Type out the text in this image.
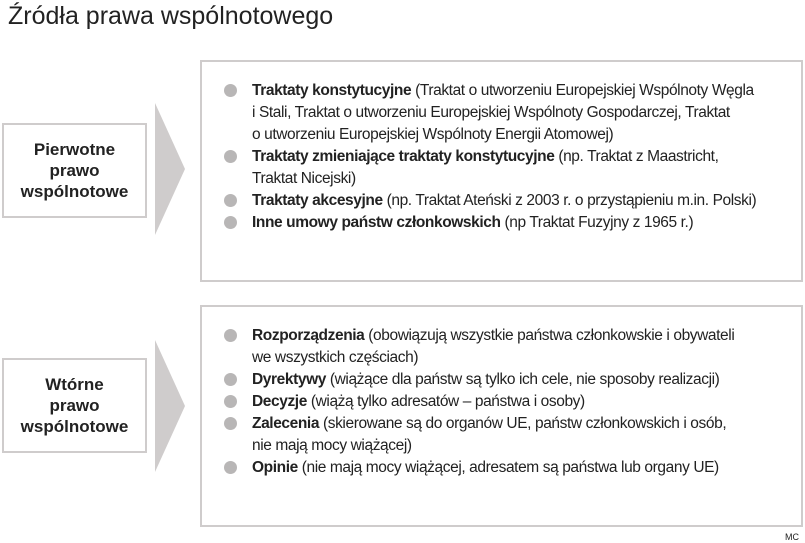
Źródła prawa wspólnotowego
Pierwotne
prawo
wspólnotowe
Traktaty konstytucyjne (Traktat o utworzeniu Europejskiej Wspólnoty Węgla
i Stali, Traktat o utworzeniu Europejskiej Wspólnoty Gospodarczej, Traktat
o utworzeniu Europejskiej Wspólnoty Energii Atomowej)
Traktaty zmieniające traktaty konstytucyjne (np. Traktat z Maastricht,
Traktat Nicejski)
Traktaty akcesyjne (np. Traktat Ateński z 2003 r. o przystąpieniu m.in. Polski)
Inne umowy państw członkowskich (np Traktat Fuzyjny z 1965 r.)
Wtórne
prawo
wspólnotowe
Rozporządzenia (obowiązują wszystkie państwa członkowskie i obywateli
we wszystkich częściach)
Dyrektywy (wiążące dla państw są tylko ich cele, nie sposoby realizacji)
Decyzje (wiążą tylko adresatów – państwa i osoby)
Zalecenia (skierowane są do organów UE, państw członkowskich i osób,
nie mają mocy wiążącej)
Opinie (nie mają mocy wiążącej, adresatem są państwa lub organy UE)
MC
